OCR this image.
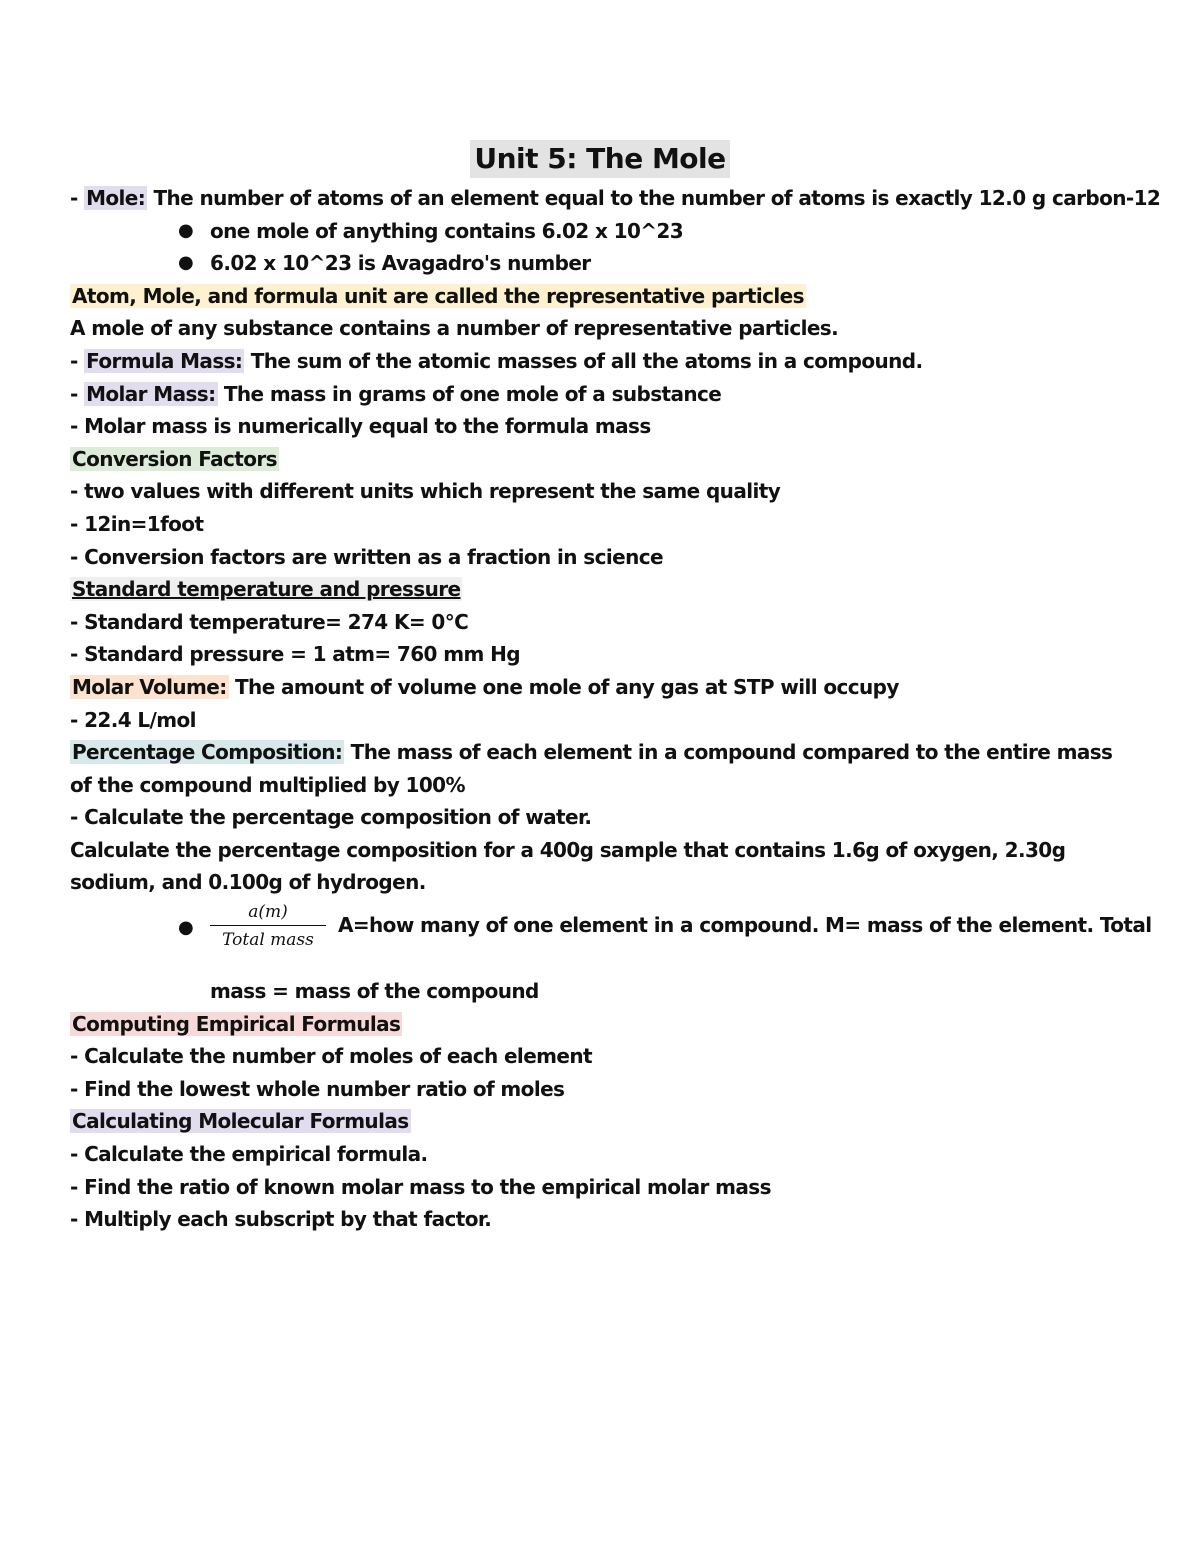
Unit 5: The Mole
- Mole: The number of atoms of an element equal to the number of atoms is exactly 12.0 g carbon-12
● one mole of anything contains 6.02 x 10^23
● 6.02 x 10^23 is Avagadro's number
Atom, Mole, and formula unit are called the representative particles
A mole of any substance contains a number of representative particles.
- Formula Mass: The sum of the atomic masses of all the atoms in a compound.
- Molar Mass: The mass in grams of one mole of a substance
- Molar mass is numerically equal to the formula mass
Conversion Factors
- two values with different units which represent the same quality
- 12in=1foot
- Conversion factors are written as a fraction in science
Standard temperature and pressure
- Standard temperature= 274 K= 0°C
- Standard pressure = 1 atm= 760 mm Hg
Molar Volume: The amount of volume one mole of any gas at STP will occupy
- 22.4 L/mol
Percentage Composition: The mass of each element in a compound compared to the entire mass of the compound multiplied by 100%
- Calculate the percentage composition of water.
Calculate the percentage composition for a 400g sample that contains 1.6g of oxygen, 2.30g sodium, and 0.100g of hydrogen.
●
a(m)
Total mass
A=how many of one element in a compound. M= mass of the element. Total
mass = mass of the compound
Computing Empirical Formulas
- Calculate the number of moles of each element
- Find the lowest whole number ratio of moles
Calculating Molecular Formulas
- Calculate the empirical formula.
- Find the ratio of known molar mass to the empirical molar mass
- Multiply each subscript by that factor.
